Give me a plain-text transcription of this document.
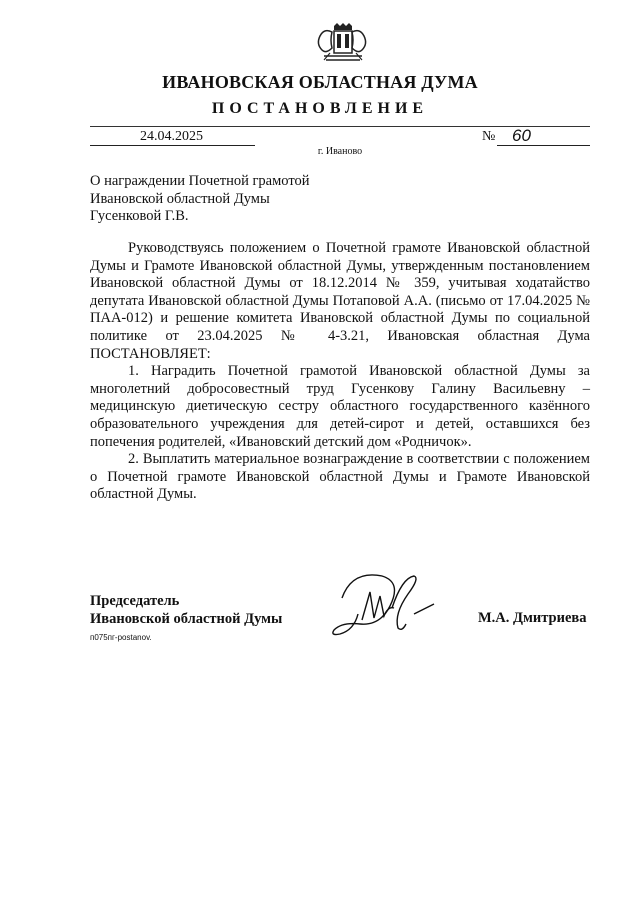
ИВАНОВСКАЯ ОБЛАСТНАЯ ДУМА
ПОСТАНОВЛЕНИЕ
24.04.2025	№ 60
г. Иваново
О награждении Почетной грамотой
Ивановской областной Думы
Гусенковой Г.В.

Руководствуясь положением о Почетной грамоте Ивановской областной Думы и Грамоте Ивановской областной Думы, утвержденным постановлением Ивановской областной Думы от 18.12.2014 № 359, учитывая ходатайство депутата Ивановской областной Думы Потаповой А.А. (письмо от 17.04.2025 № ПАА-012) и решение комитета Ивановской областной Думы по социальной политике от 23.04.2025 № 4-3.21, Ивановская областная Дума ПОСТАНОВЛЯЕТ:

1. Наградить Почетной грамотой Ивановской областной Думы за многолетний добросовестный труд Гусенкову Галину Васильевну – медицинскую диетическую сестру областного государственного казённого образовательного учреждения для детей-сирот и детей, оставшихся без попечения родителей, «Ивановский детский дом «Родничок».

2. Выплатить материальное вознаграждение в соответствии с положением о Почетной грамоте Ивановской областной Думы и Грамоте Ивановской областной Думы.

Председатель
Ивановской областной Думы	М.А. Дмитриева
п075пг-postanov.
